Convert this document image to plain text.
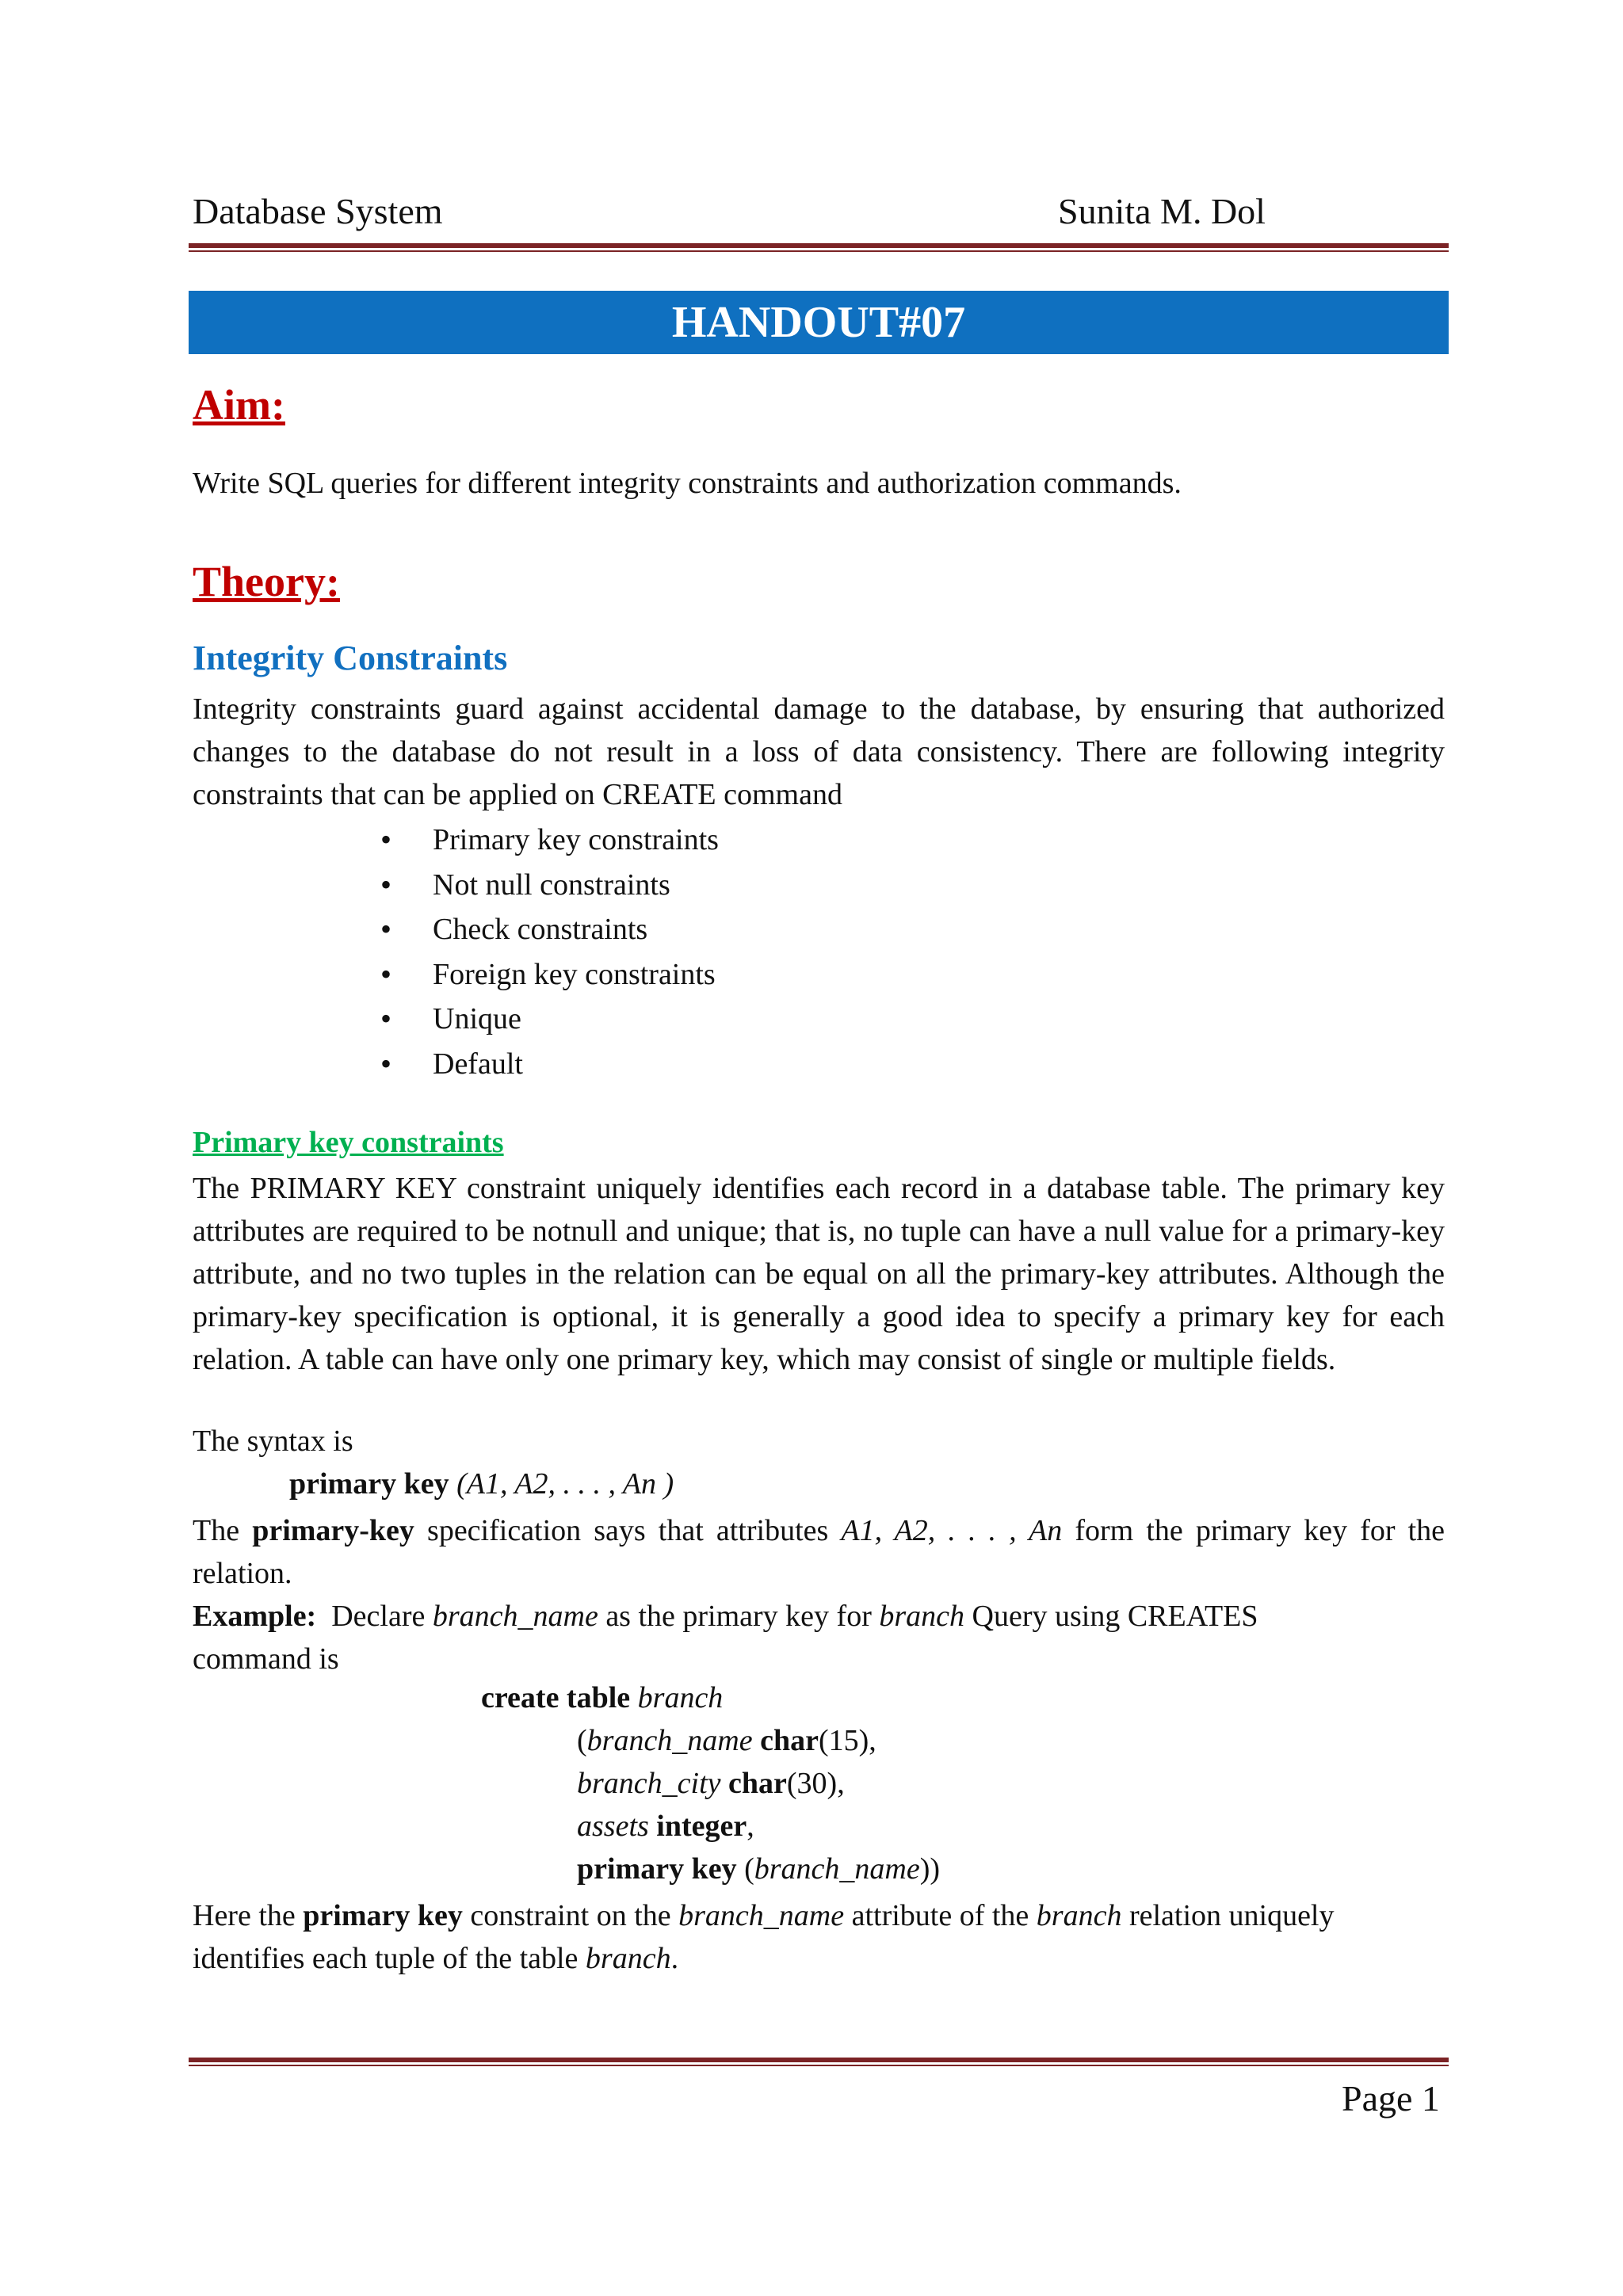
Database System	Sunita M. Dol
HANDOUT#07
Aim:
Write SQL queries for different integrity constraints and authorization commands.
Theory:
Integrity Constraints
Integrity constraints guard against accidental damage to the database, by ensuring that authorized changes to the database do not result in a loss of data consistency. There are following integrity constraints that can be applied on CREATE command
• Primary key constraints
• Not null constraints
• Check constraints
• Foreign key constraints
• Unique
• Default
Primary key constraints
The PRIMARY KEY constraint uniquely identifies each record in a database table. The primary key attributes are required to be notnull and unique; that is, no tuple can have a null value for a primary-key attribute, and no two tuples in the relation can be equal on all the primary-key attributes. Although the primary-key specification is optional, it is generally a good idea to specify a primary key for each relation. A table can have only one primary key, which may consist of single or multiple fields.
The syntax is
primary key (A1, A2, . . . , An )
The primary-key specification says that attributes A1, A2, . . . , An form the primary key for the relation.
Example: Declare branch_name as the primary key for branch Query using CREATES command is
create table branch
(branch_name char(15),
branch_city char(30),
assets integer,
primary key (branch_name))
Here the primary key constraint on the branch_name attribute of the branch relation uniquely identifies each tuple of the table branch.
Page 1
